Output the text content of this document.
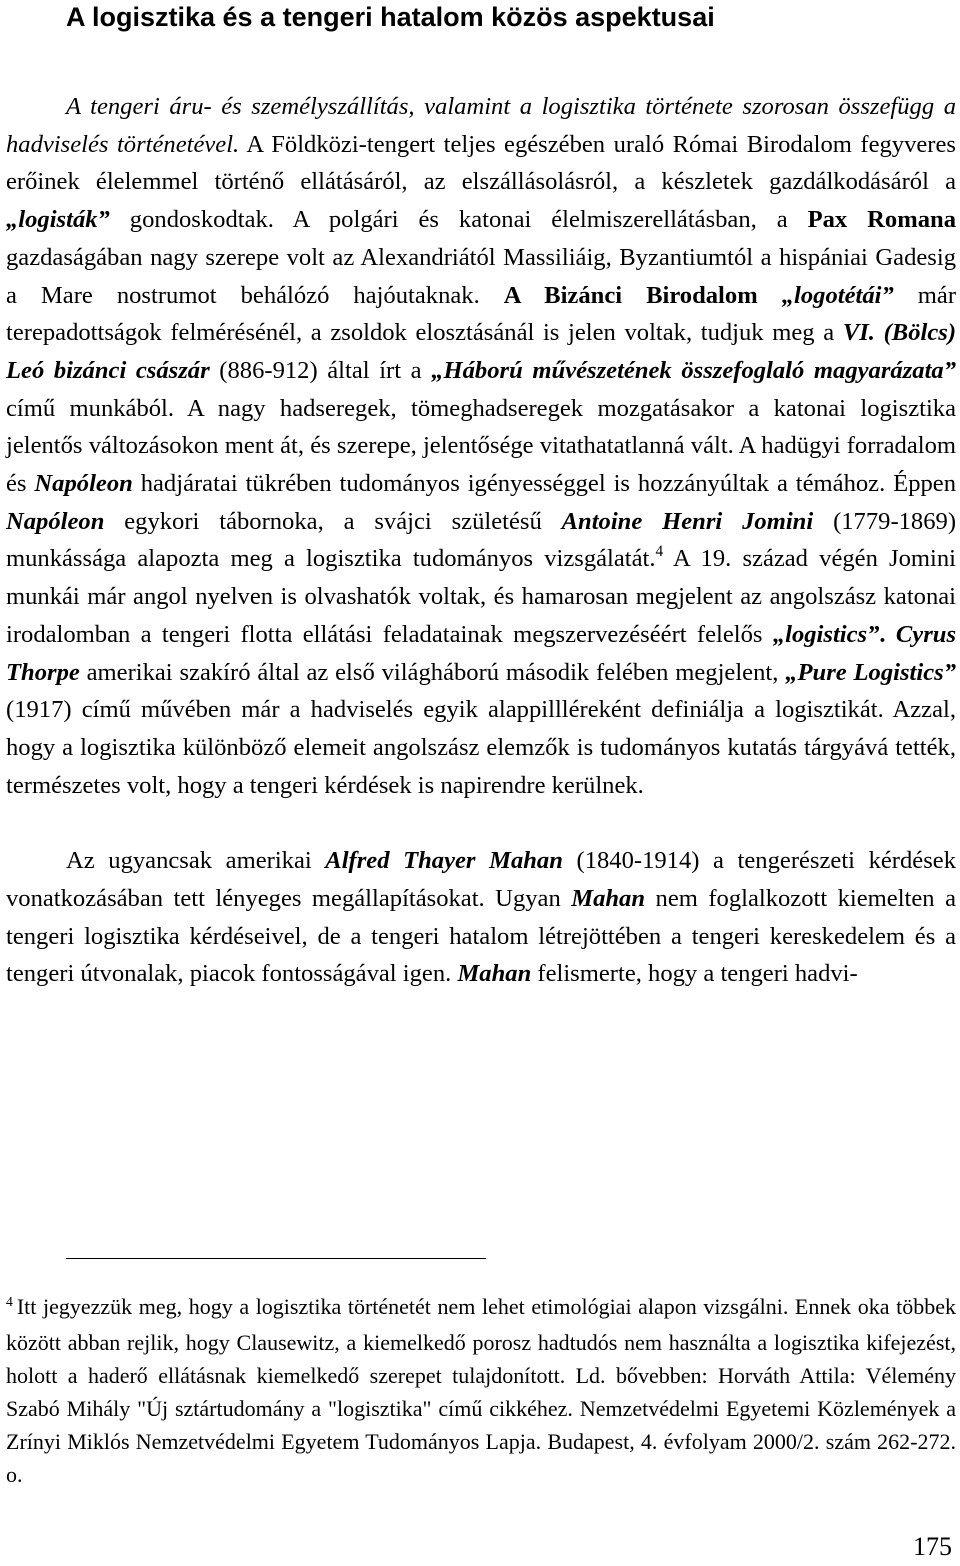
A logisztika és a tengeri hatalom közös aspektusai

A tengeri áru- és személyszállítás, valamint a logisztika története szorosan összefügg a hadviselés történetével. A Földközi-tengert teljes egészében uraló Római Birodalom fegyveres erőinek élelemmel történő ellátásáról, az elszállásolásról, a készletek gazdálkodásáról a „logisták” gondoskodtak. A polgári és katonai élelmiszerellátásban, a Pax Romana gazdaságában nagy szerepe volt az Alexandriától Massiliáig, Byzantiumtól a hispániai Gadesig a Mare nostrumot behálózó hajóutaknak. A Bizánci Birodalom „logotétái” már terepadottságok felmérésénél, a zsoldok elosztásánál is jelen voltak, tudjuk meg a VI. (Bölcs) Leó bizánci császár (886-912) által írt a „Háború művészetének összefoglaló magyarázata” című munkából. A nagy hadseregek, tömeghadseregek mozgatásakor a katonai logisztika jelentős változásokon ment át, és szerepe, jelentősége vitathatatlanná vált. A hadügyi forradalom és Napóleon hadjáratai tükrében tudományos igényességgel is hozzányúltak a témához. Éppen Napóleon egykori tábornoka, a svájci születésű Antoine Henri Jomini (1779-1869) munkássága alapozta meg a logisztika tudományos vizsgálatát.$^4$ A 19. század végén Jomini munkái már angol nyelven is olvashatók voltak, és hamarosan megjelent az angolszász katonai irodalomban a tengeri flotta ellátási feladatainak megszervezéséért felelős „logistics”. Cyrus Thorpe amerikai szakíró által az első világháború második felében megjelent, „Pure Logistics” (1917) című művében már a hadviselés egyik alappillléreként definiálja a logisztikát. Azzal, hogy a logisztika különböző elemeit angolszász elemzők is tudományos kutatás tárgyává tették, természetes volt, hogy a tengeri kérdések is napirendre kerülnek.

Az ugyancsak amerikai Alfred Thayer Mahan (1840-1914) a tengerészeti kérdések vonatkozásában tett lényeges megállapításokat. Ugyan Mahan nem foglalkozott kiemelten a tengeri logisztika kérdéseivel, de a tengeri hatalom létrejöttében a tengeri kereskedelem és a tengeri útvonalak, piacok fontosságával igen. Mahan felismerte, hogy a tengeri hadvi-

$^4$ Itt jegyezzük meg, hogy a logisztika történetét nem lehet etimológiai alapon vizsgálni. Ennek oka többek között abban rejlik, hogy Clausewitz, a kiemelkedő porosz hadtudós nem használta a logisztika kifejezést, holott a haderő ellátásnak kiemelkedő szerepet tulajdonított. Ld. bővebben: Horváth Attila: Vélemény Szabó Mihály "Új sztártudomány a "logisztika" című cikkéhez. Nemzetvédelmi Egyetemi Közlemények a Zrínyi Miklós Nemzetvédelmi Egyetem Tudományos Lapja. Budapest, 4. évfolyam 2000/2. szám 262-272. o.

175
